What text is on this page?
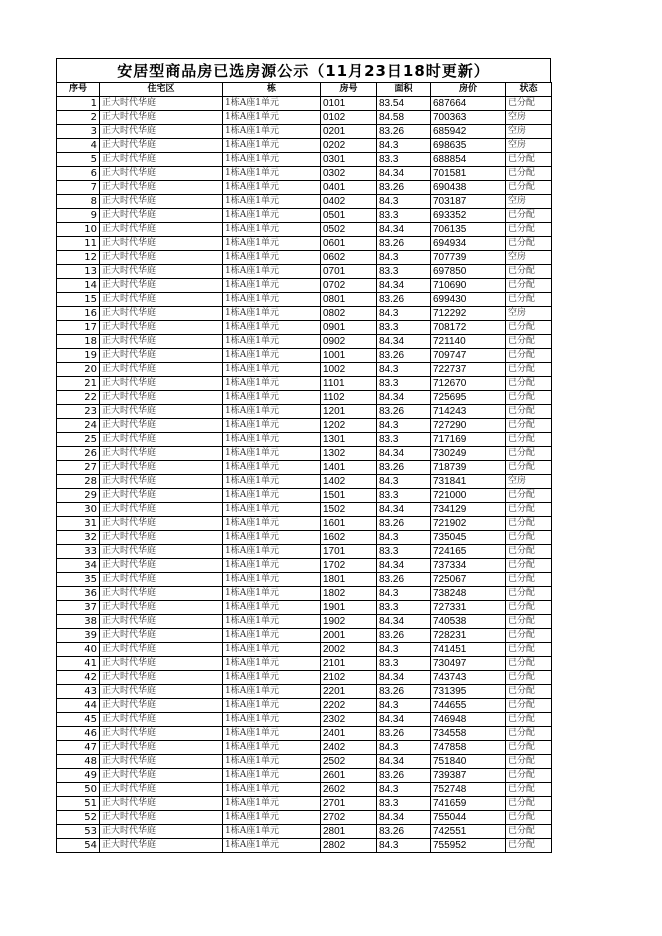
安居型商品房已选房源公示（11月23日18时更新）
序号	住宅区	栋	房号	面积	房价	状态
1	正大时代华庭	1栋A座1单元	0101	83.54	687664	已分配
2	正大时代华庭	1栋A座1单元	0102	84.58	700363	空房
3	正大时代华庭	1栋A座1单元	0201	83.26	685942	空房
4	正大时代华庭	1栋A座1单元	0202	84.3	698635	空房
5	正大时代华庭	1栋A座1单元	0301	83.3	688854	已分配
6	正大时代华庭	1栋A座1单元	0302	84.34	701581	已分配
7	正大时代华庭	1栋A座1单元	0401	83.26	690438	已分配
8	正大时代华庭	1栋A座1单元	0402	84.3	703187	空房
9	正大时代华庭	1栋A座1单元	0501	83.3	693352	已分配
10	正大时代华庭	1栋A座1单元	0502	84.34	706135	已分配
11	正大时代华庭	1栋A座1单元	0601	83.26	694934	已分配
12	正大时代华庭	1栋A座1单元	0602	84.3	707739	空房
13	正大时代华庭	1栋A座1单元	0701	83.3	697850	已分配
14	正大时代华庭	1栋A座1单元	0702	84.34	710690	已分配
15	正大时代华庭	1栋A座1单元	0801	83.26	699430	已分配
16	正大时代华庭	1栋A座1单元	0802	84.3	712292	空房
17	正大时代华庭	1栋A座1单元	0901	83.3	708172	已分配
18	正大时代华庭	1栋A座1单元	0902	84.34	721140	已分配
19	正大时代华庭	1栋A座1单元	1001	83.26	709747	已分配
20	正大时代华庭	1栋A座1单元	1002	84.3	722737	已分配
21	正大时代华庭	1栋A座1单元	1101	83.3	712670	已分配
22	正大时代华庭	1栋A座1单元	1102	84.34	725695	已分配
23	正大时代华庭	1栋A座1单元	1201	83.26	714243	已分配
24	正大时代华庭	1栋A座1单元	1202	84.3	727290	已分配
25	正大时代华庭	1栋A座1单元	1301	83.3	717169	已分配
26	正大时代华庭	1栋A座1单元	1302	84.34	730249	已分配
27	正大时代华庭	1栋A座1单元	1401	83.26	718739	已分配
28	正大时代华庭	1栋A座1单元	1402	84.3	731841	空房
29	正大时代华庭	1栋A座1单元	1501	83.3	721000	已分配
30	正大时代华庭	1栋A座1单元	1502	84.34	734129	已分配
31	正大时代华庭	1栋A座1单元	1601	83.26	721902	已分配
32	正大时代华庭	1栋A座1单元	1602	84.3	735045	已分配
33	正大时代华庭	1栋A座1单元	1701	83.3	724165	已分配
34	正大时代华庭	1栋A座1单元	1702	84.34	737334	已分配
35	正大时代华庭	1栋A座1单元	1801	83.26	725067	已分配
36	正大时代华庭	1栋A座1单元	1802	84.3	738248	已分配
37	正大时代华庭	1栋A座1单元	1901	83.3	727331	已分配
38	正大时代华庭	1栋A座1单元	1902	84.34	740538	已分配
39	正大时代华庭	1栋A座1单元	2001	83.26	728231	已分配
40	正大时代华庭	1栋A座1单元	2002	84.3	741451	已分配
41	正大时代华庭	1栋A座1单元	2101	83.3	730497	已分配
42	正大时代华庭	1栋A座1单元	2102	84.34	743743	已分配
43	正大时代华庭	1栋A座1单元	2201	83.26	731395	已分配
44	正大时代华庭	1栋A座1单元	2202	84.3	744655	已分配
45	正大时代华庭	1栋A座1单元	2302	84.34	746948	已分配
46	正大时代华庭	1栋A座1单元	2401	83.26	734558	已分配
47	正大时代华庭	1栋A座1单元	2402	84.3	747858	已分配
48	正大时代华庭	1栋A座1单元	2502	84.34	751840	已分配
49	正大时代华庭	1栋A座1单元	2601	83.26	739387	已分配
50	正大时代华庭	1栋A座1单元	2602	84.3	752748	已分配
51	正大时代华庭	1栋A座1单元	2701	83.3	741659	已分配
52	正大时代华庭	1栋A座1单元	2702	84.34	755044	已分配
53	正大时代华庭	1栋A座1单元	2801	83.26	742551	已分配
54	正大时代华庭	1栋A座1单元	2802	84.3	755952	已分配
